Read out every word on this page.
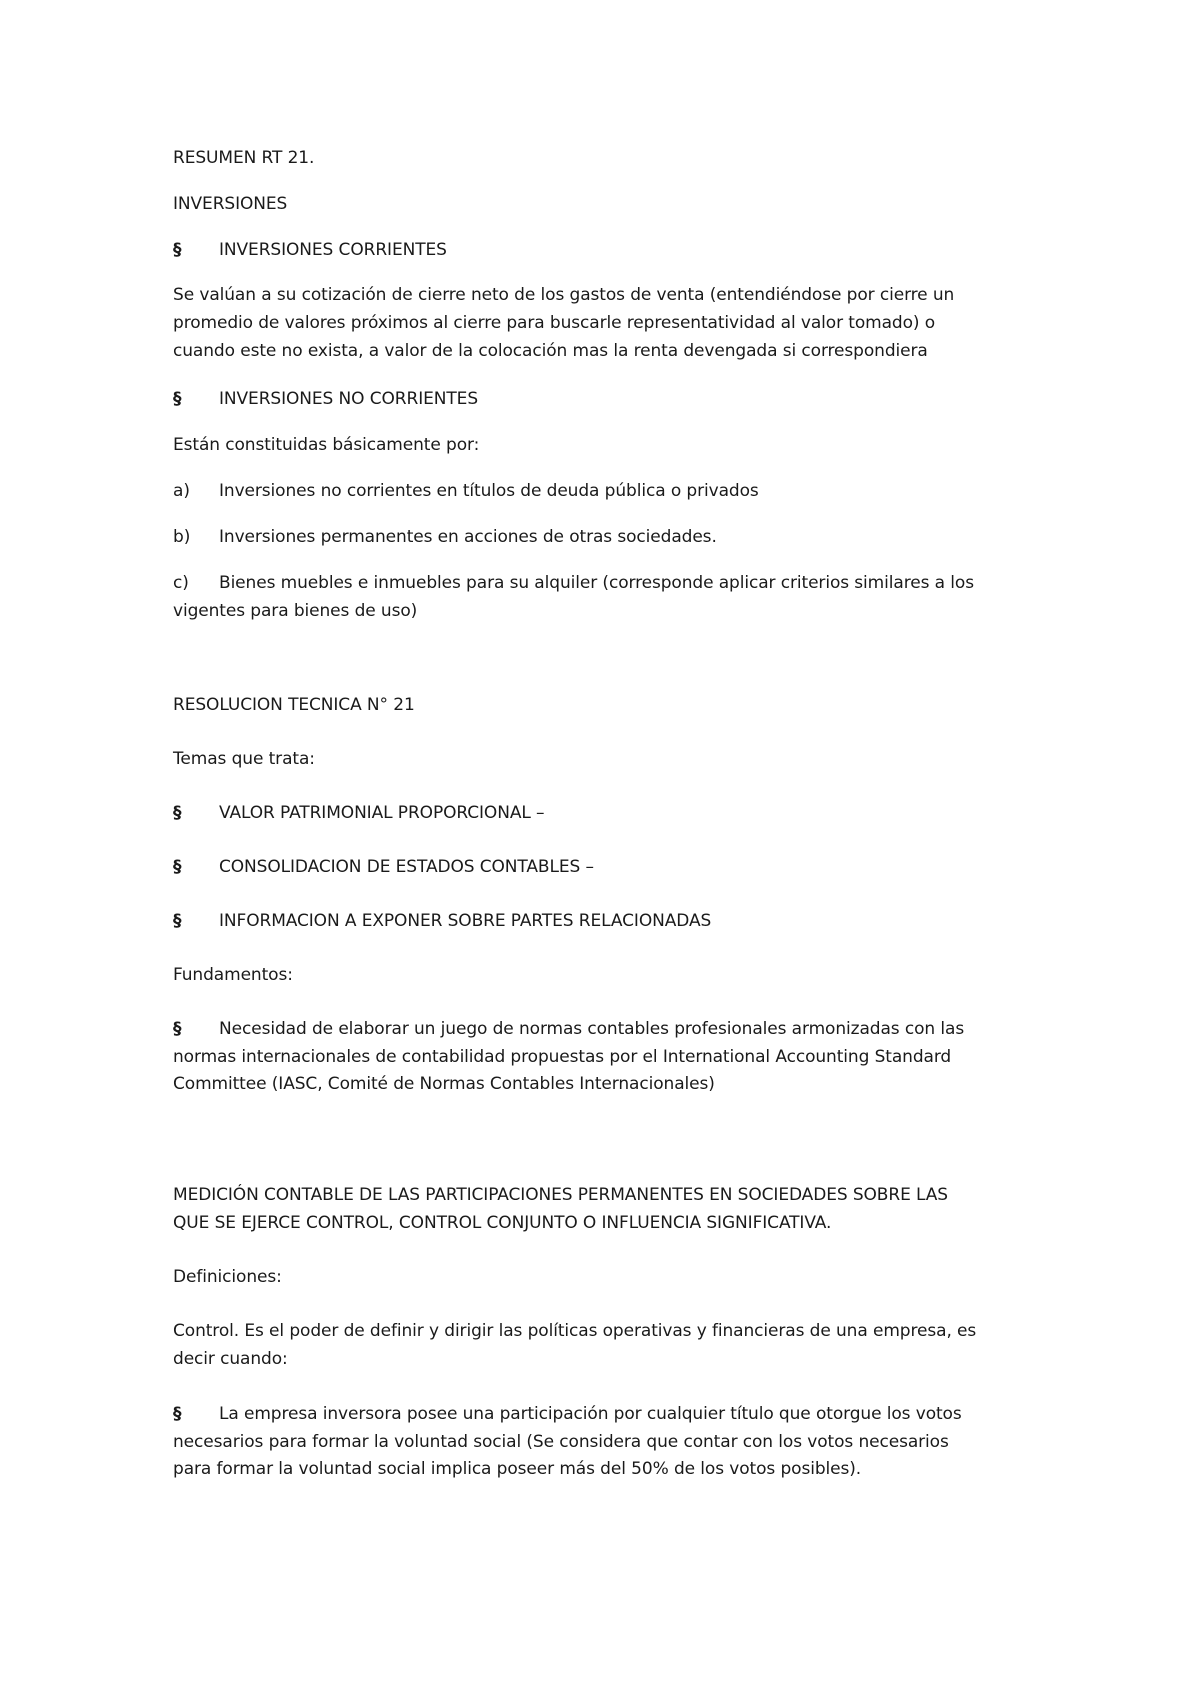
RESUMEN RT 21.
INVERSIONES
§ INVERSIONES CORRIENTES
Se valúan a su cotización de cierre neto de los gastos de venta (entendiéndose por cierre un
promedio de valores próximos al cierre para buscarle representatividad al valor tomado) o
cuando este no exista, a valor de la colocación mas la renta devengada si correspondiera
§ INVERSIONES NO CORRIENTES
Están constituidas básicamente por:
a) Inversiones no corrientes en títulos de deuda pública o privados
b) Inversiones permanentes en acciones de otras sociedades.
c) Bienes muebles e inmuebles para su alquiler (corresponde aplicar criterios similares a los
vigentes para bienes de uso)
RESOLUCION TECNICA N° 21
Temas que trata:
§ VALOR PATRIMONIAL PROPORCIONAL –
§ CONSOLIDACION DE ESTADOS CONTABLES –
§ INFORMACION A EXPONER SOBRE PARTES RELACIONADAS
Fundamentos:
§ Necesidad de elaborar un juego de normas contables profesionales armonizadas con las
normas internacionales de contabilidad propuestas por el International Accounting Standard
Committee (IASC, Comité de Normas Contables Internacionales)
MEDICIÓN CONTABLE DE LAS PARTICIPACIONES PERMANENTES EN SOCIEDADES SOBRE LAS
QUE SE EJERCE CONTROL, CONTROL CONJUNTO O INFLUENCIA SIGNIFICATIVA.
Definiciones:
Control. Es el poder de definir y dirigir las políticas operativas y financieras de una empresa, es
decir cuando:
§ La empresa inversora posee una participación por cualquier título que otorgue los votos
necesarios para formar la voluntad social (Se considera que contar con los votos necesarios
para formar la voluntad social implica poseer más del 50% de los votos posibles).
